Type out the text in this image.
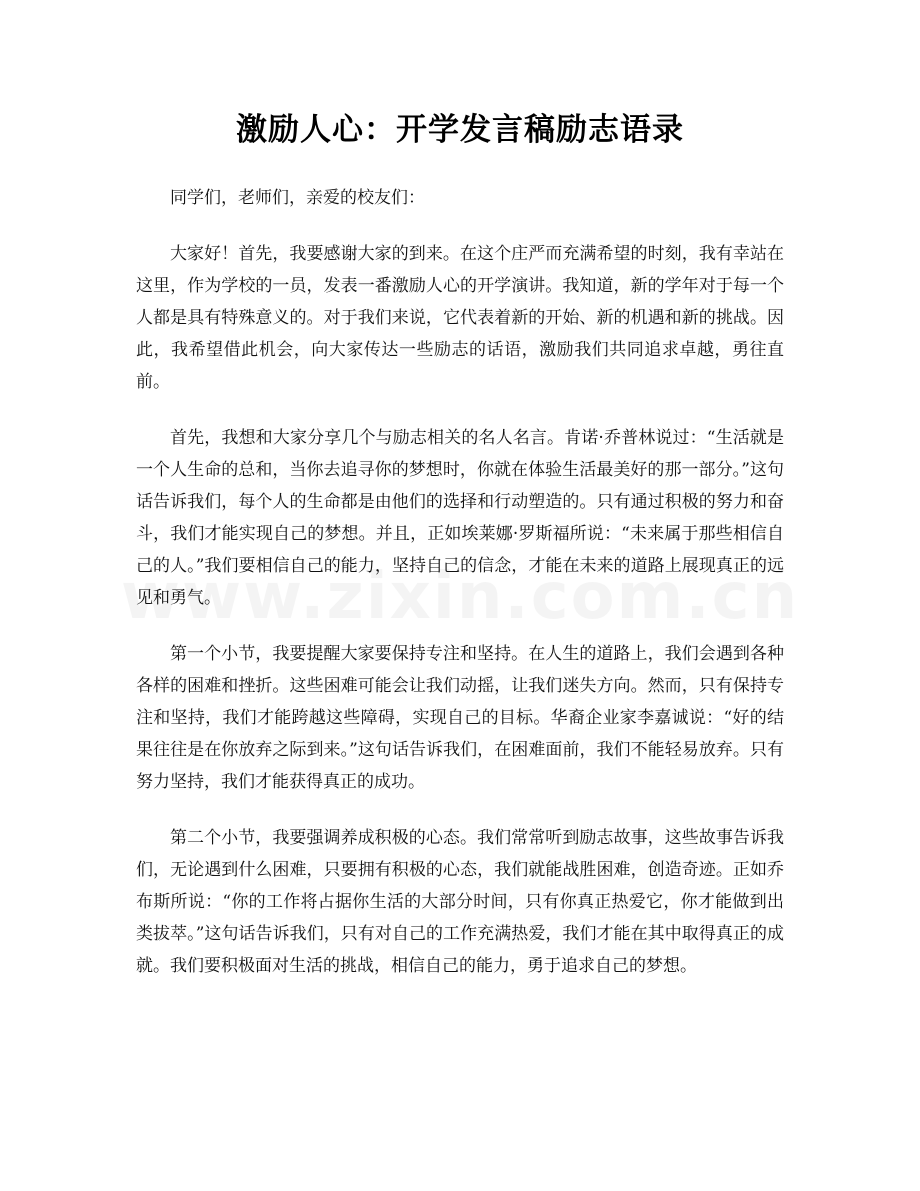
激励人心：开学发言稿励志语录

同学们，老师们，亲爱的校友们：

大家好！首先，我要感谢大家的到来。在这个庄严而充满希望的时刻，我有幸站在这里，作为学校的一员，发表一番激励人心的开学演讲。我知道，新的学年对于每一个人都是具有特殊意义的。对于我们来说，它代表着新的开始、新的机遇和新的挑战。因此，我希望借此机会，向大家传达一些励志的话语，激励我们共同追求卓越，勇往直前。

首先，我想和大家分享几个与励志相关的名人名言。肯诺·乔普林说过：“生活就是一个人生命的总和，当你去追寻你的梦想时，你就在体验生活最美好的那一部分。”这句话告诉我们，每个人的生命都是由他们的选择和行动塑造的。只有通过积极的努力和奋斗，我们才能实现自己的梦想。并且，正如埃莱娜·罗斯福所说：“未来属于那些相信自己的人。”我们要相信自己的能力，坚持自己的信念，才能在未来的道路上展现真正的远见和勇气。

第一个小节，我要提醒大家要保持专注和坚持。在人生的道路上，我们会遇到各种各样的困难和挫折。这些困难可能会让我们动摇，让我们迷失方向。然而，只有保持专注和坚持，我们才能跨越这些障碍，实现自己的目标。华裔企业家李嘉诚说：“好的结果往往是在你放弃之际到来。”这句话告诉我们，在困难面前，我们不能轻易放弃。只有努力坚持，我们才能获得真正的成功。

第二个小节，我要强调养成积极的心态。我们常常听到励志故事，这些故事告诉我们，无论遇到什么困难，只要拥有积极的心态，我们就能战胜困难，创造奇迹。正如乔布斯所说：“你的工作将占据你生活的大部分时间，只有你真正热爱它，你才能做到出类拔萃。”这句话告诉我们，只有对自己的工作充满热爱，我们才能在其中取得真正的成就。我们要积极面对生活的挑战，相信自己的能力，勇于追求自己的梦想。
